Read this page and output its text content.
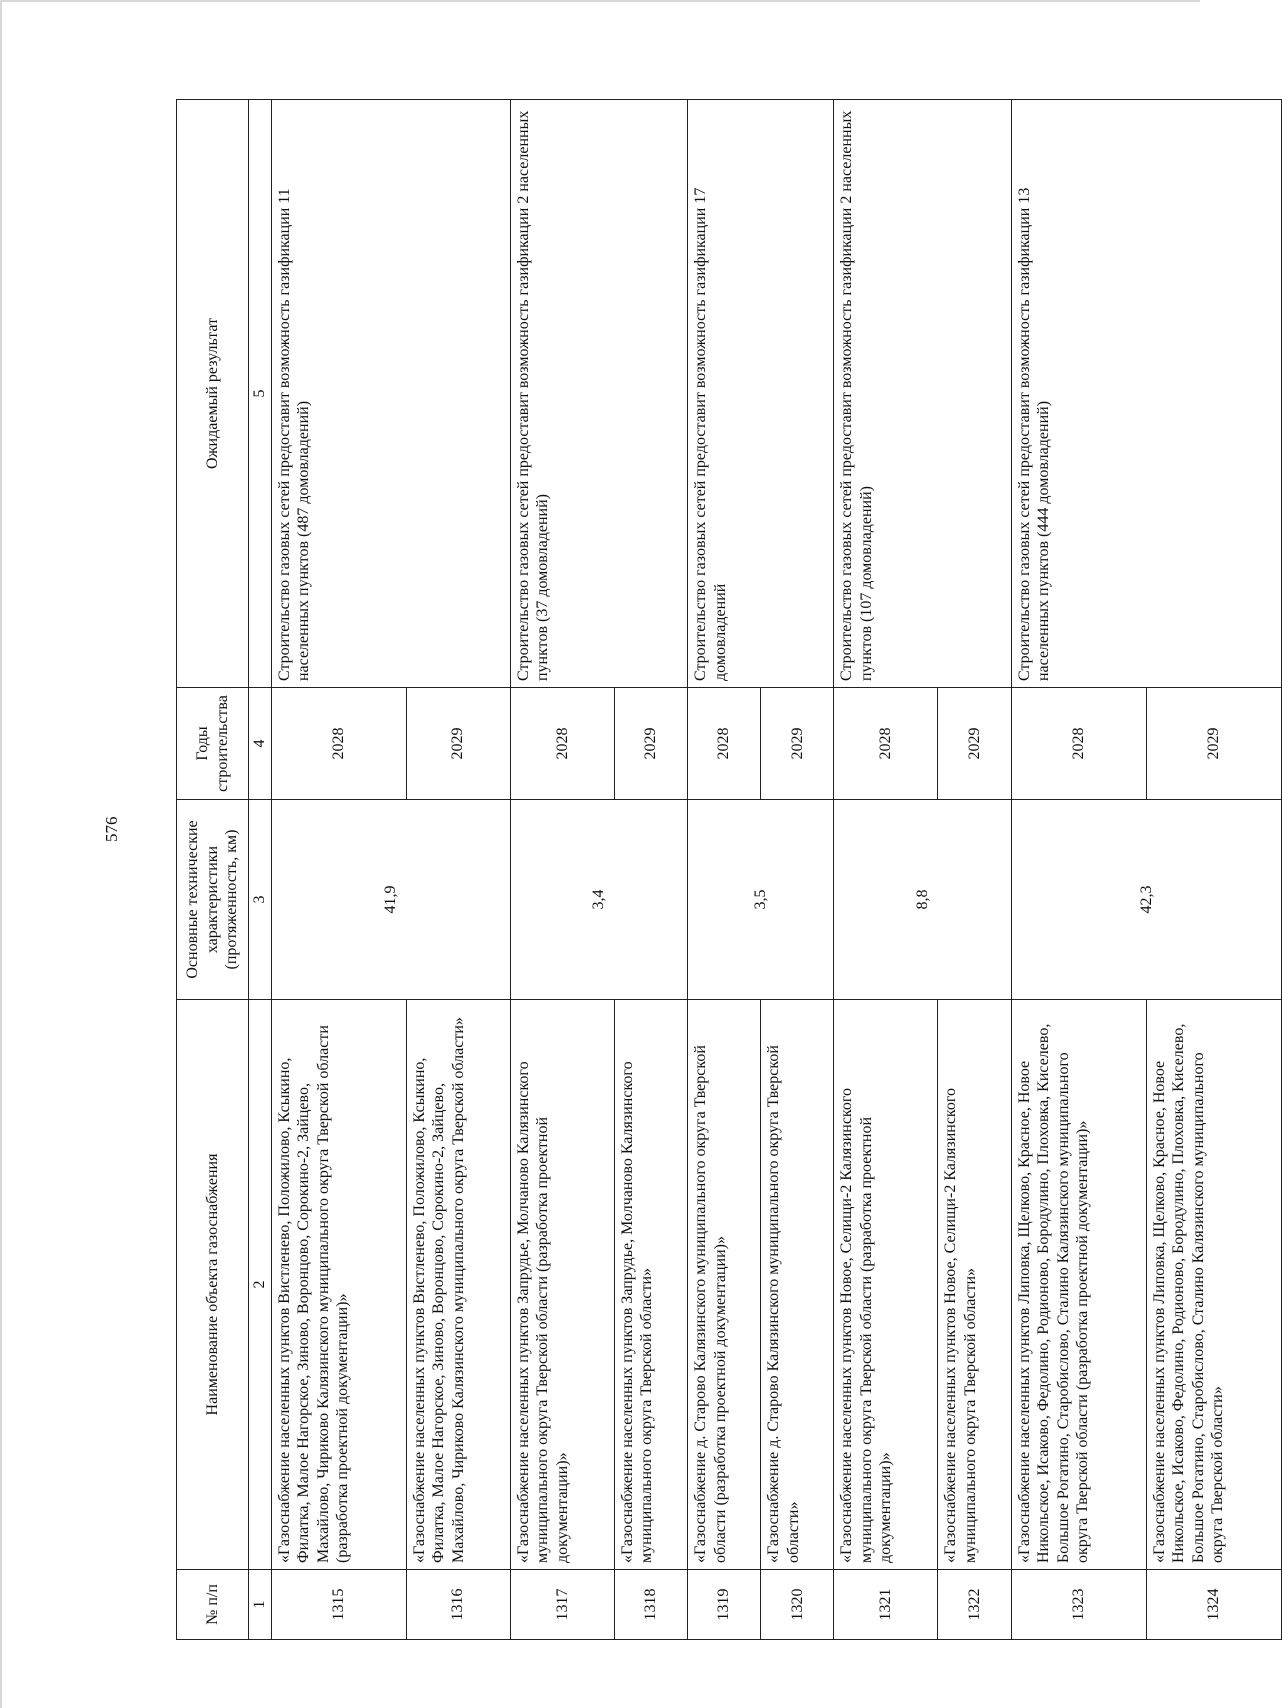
576
№ п/п	Наименование объекта газоснабжения	Основные технические характеристики (протяженность, км)	Годы строительства	Ожидаемый результат
1	2	3	4	5
1315	«Газоснабжение населенных пунктов Вистленево, Положилово, Ксыкино, Филатка, Малое Нагорское, Зиново, Воронцово, Сорокино-2, Зайцево, Махайлово, Чириково Калязинского муниципального округа Тверской области (разработка проектной документации)»	41,9	2028	Строительство газовых сетей предоставит возможность газификации 11 населенных пунктов (487 домовладений)
1316	«Газоснабжение населенных пунктов Вистленево, Положилово, Ксыкино, Филатка, Малое Нагорское, Зиново, Воронцово, Сорокино-2, Зайцево, Махайлово, Чириково Калязинского муниципального округа Тверской области»		2029	
1317	«Газоснабжение населенных пунктов Запрудье, Молчаново Калязинского муниципального округа Тверской области (разработка проектной документации)»	3,4	2028	Строительство газовых сетей предоставит возможность газификации 2 населенных пунктов (37 домовладений)
1318	«Газоснабжение населенных пунктов Запрудье, Молчаново Калязинского муниципального округа Тверской области»		2029	
1319	«Газоснабжение д. Старово Калязинского муниципального округа Тверской области (разработка проектной документации)»	3,5	2028	Строительство газовых сетей предоставит возможность газификации 17 домовладений
1320	«Газоснабжение д. Старово Калязинского муниципального округа Тверской области»		2029	
1321	«Газоснабжение населенных пунктов Новое, Селищи-2 Калязинского муниципального округа Тверской области (разработка проектной документации)»	8,8	2028	Строительство газовых сетей предоставит возможность газификации 2 населенных пунктов (107 домовладений)
1322	«Газоснабжение населенных пунктов Новое, Селищи-2 Калязинского муниципального округа Тверской области»		2029	
1323	«Газоснабжение населенных пунктов Липовка, Щелково, Красное, Новое Никольское, Исаково, Федолино, Родионово, Бородулино, Плоховка, Киселево, Большое Рогатино, Старобислово, Сталино Калязинского муниципального округа Тверской области (разработка проектной документации)»	42,3	2028	Строительство газовых сетей предоставит возможность газификации 13 населенных пунктов (444 домовладений)
1324	«Газоснабжение населенных пунктов Липовка, Щелково, Красное, Новое Никольское, Исаково, Федолино, Родионово, Бородулино, Плоховка, Киселево, Большое Рогатино, Старобислово, Сталино Калязинского муниципального округа Тверской области»		2029	
